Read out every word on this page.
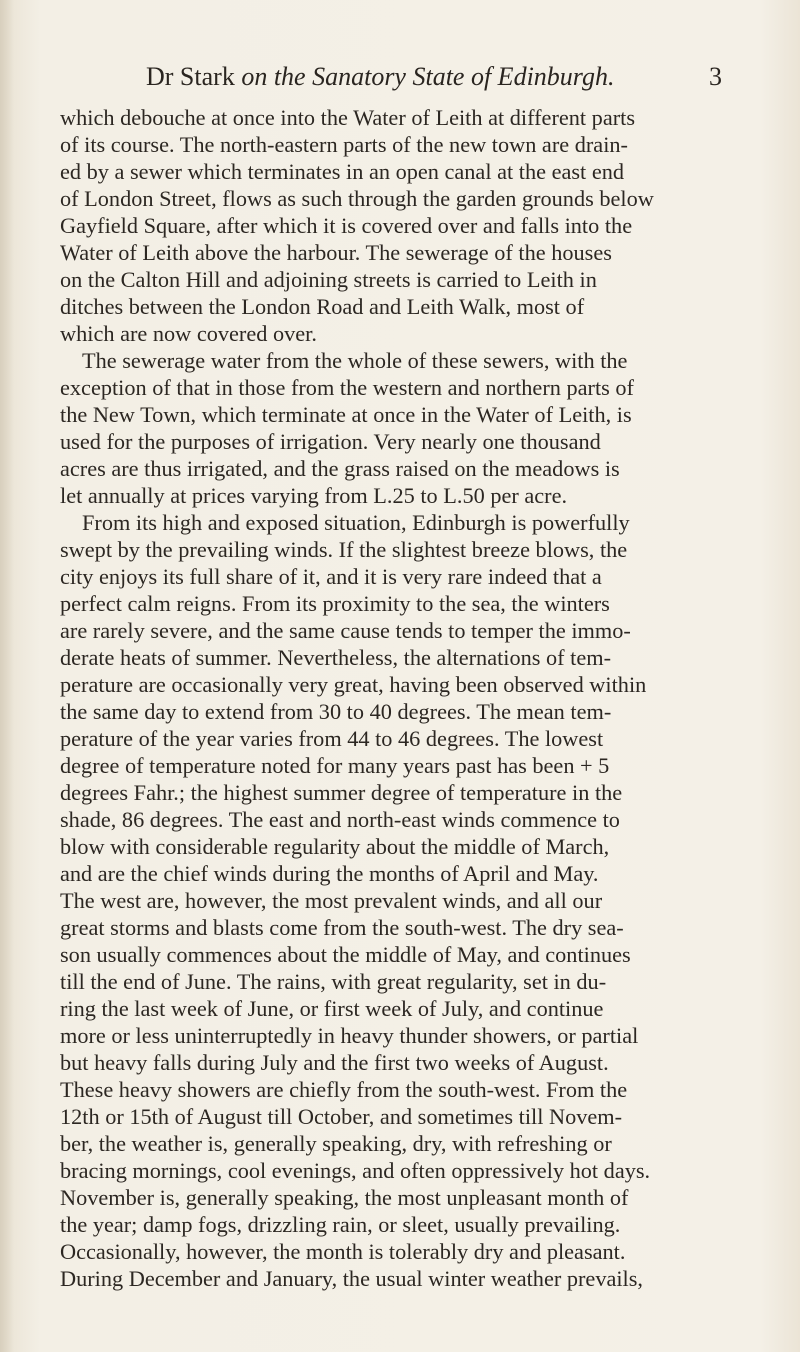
Dr Stark on the Sanatory State of Edinburgh.	3
which debouche at once into the Water of Leith at different parts
of its course. The north-eastern parts of the new town are drain-
ed by a sewer which terminates in an open canal at the east end
of London Street, flows as such through the garden grounds below
Gayfield Square, after which it is covered over and falls into the
Water of Leith above the harbour. The sewerage of the houses
on the Calton Hill and adjoining streets is carried to Leith in
ditches between the London Road and Leith Walk, most of
which are now covered over.
The sewerage water from the whole of these sewers, with the
exception of that in those from the western and northern parts of
the New Town, which terminate at once in the Water of Leith, is
used for the purposes of irrigation. Very nearly one thousand
acres are thus irrigated, and the grass raised on the meadows is
let annually at prices varying from L.25 to L.50 per acre.
From its high and exposed situation, Edinburgh is powerfully
swept by the prevailing winds. If the slightest breeze blows, the
city enjoys its full share of it, and it is very rare indeed that a
perfect calm reigns. From its proximity to the sea, the winters
are rarely severe, and the same cause tends to temper the immo-
derate heats of summer. Nevertheless, the alternations of tem-
perature are occasionally very great, having been observed within
the same day to extend from 30 to 40 degrees. The mean tem-
perature of the year varies from 44 to 46 degrees. The lowest
degree of temperature noted for many years past has been + 5
degrees Fahr.; the highest summer degree of temperature in the
shade, 86 degrees. The east and north-east winds commence to
blow with considerable regularity about the middle of March,
and are the chief winds during the months of April and May.
The west are, however, the most prevalent winds, and all our
great storms and blasts come from the south-west. The dry sea-
son usually commences about the middle of May, and continues
till the end of June. The rains, with great regularity, set in du-
ring the last week of June, or first week of July, and continue
more or less uninterruptedly in heavy thunder showers, or partial
but heavy falls during July and the first two weeks of August.
These heavy showers are chiefly from the south-west. From the
12th or 15th of August till October, and sometimes till Novem-
ber, the weather is, generally speaking, dry, with refreshing or
bracing mornings, cool evenings, and often oppressively hot days.
November is, generally speaking, the most unpleasant month of
the year; damp fogs, drizzling rain, or sleet, usually prevailing.
Occasionally, however, the month is tolerably dry and pleasant.
During December and January, the usual winter weather prevails,
